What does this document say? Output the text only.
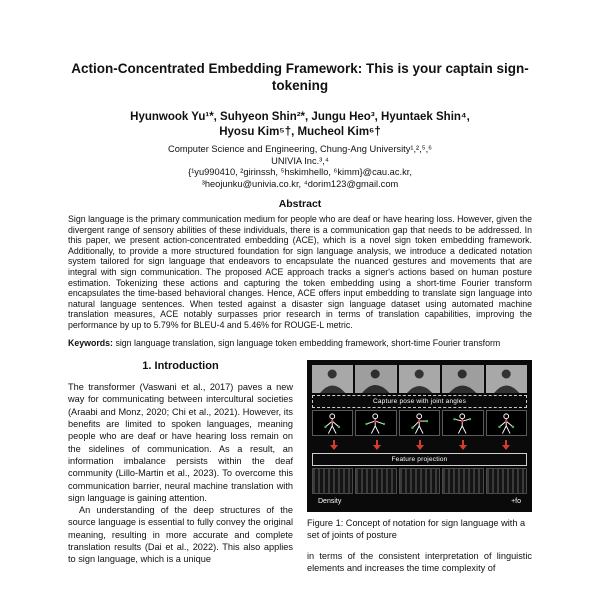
Action-Concentrated Embedding Framework: This is your captain sign-tokening
Hyunwook Yu¹*, Suhyeon Shin²*, Jungu Heo³, Hyuntaek Shin⁴,
Hyosu Kim⁵†, Mucheol Kim⁶†
Computer Science and Engineering, Chung-Ang University¹,²,⁵,⁶
UNIVIA Inc.³,⁴
{¹yu990410, ²girinssh, ⁵hskimhello, ⁶kimm}@cau.ac.kr,
³heojunku@univia.co.kr, ⁴dorim123@gmail.com
Abstract

Sign language is the primary communication medium for people who are deaf or have hearing loss. However, given the divergent range of sensory abilities of these individuals, there is a communication gap that needs to be addressed. In this paper, we present action-concentrated embedding (ACE), which is a novel sign token embedding framework. Additionally, to provide a more structured foundation for sign language analysis, we introduce a dedicated notation system tailored for sign language that endeavors to encapsulate the nuanced gestures and movements that are integral with sign communication. The proposed ACE approach tracks a signer's actions based on human posture estimation. Tokenizing these actions and capturing the token embedding using a short-time Fourier transform encapsulates the time-based behavioral changes. Hence, ACE offers input embedding to translate sign language into natural language sentences. When tested against a disaster sign language dataset using automated machine translation measures, ACE notably surpasses prior research in terms of translation capabilities, improving the performance by up to 5.79% for BLEU-4 and 5.46% for ROUGE-L metric.

Keywords: sign language translation, sign language token embedding framework, short-time Fourier transform

1. Introduction

The transformer (Vaswani et al., 2017) paves a new way for communicating between intercultural societies (Araabi and Monz, 2020; Chi et al., 2021). However, its benefits are limited to spoken languages, meaning people who are deaf or have hearing loss remain on the sidelines of communication. As a result, an information imbalance persists within the deaf community (Lillo-Martin et al., 2023). To overcome this communication barrier, neural machine translation with sign language is gaining attention.

An understanding of the deep structures of the source language is essential to fully convey the original meaning, resulting in more accurate and complete translation results (Dai et al., 2022). This also applies to sign language, which is a unique

Capture pose with joint angles
Feature projection
Density	+fo

Figure 1: Concept of notation for sign language with a set of joints of posture

in terms of the consistent interpretation of linguistic elements and increases the time complexity of
